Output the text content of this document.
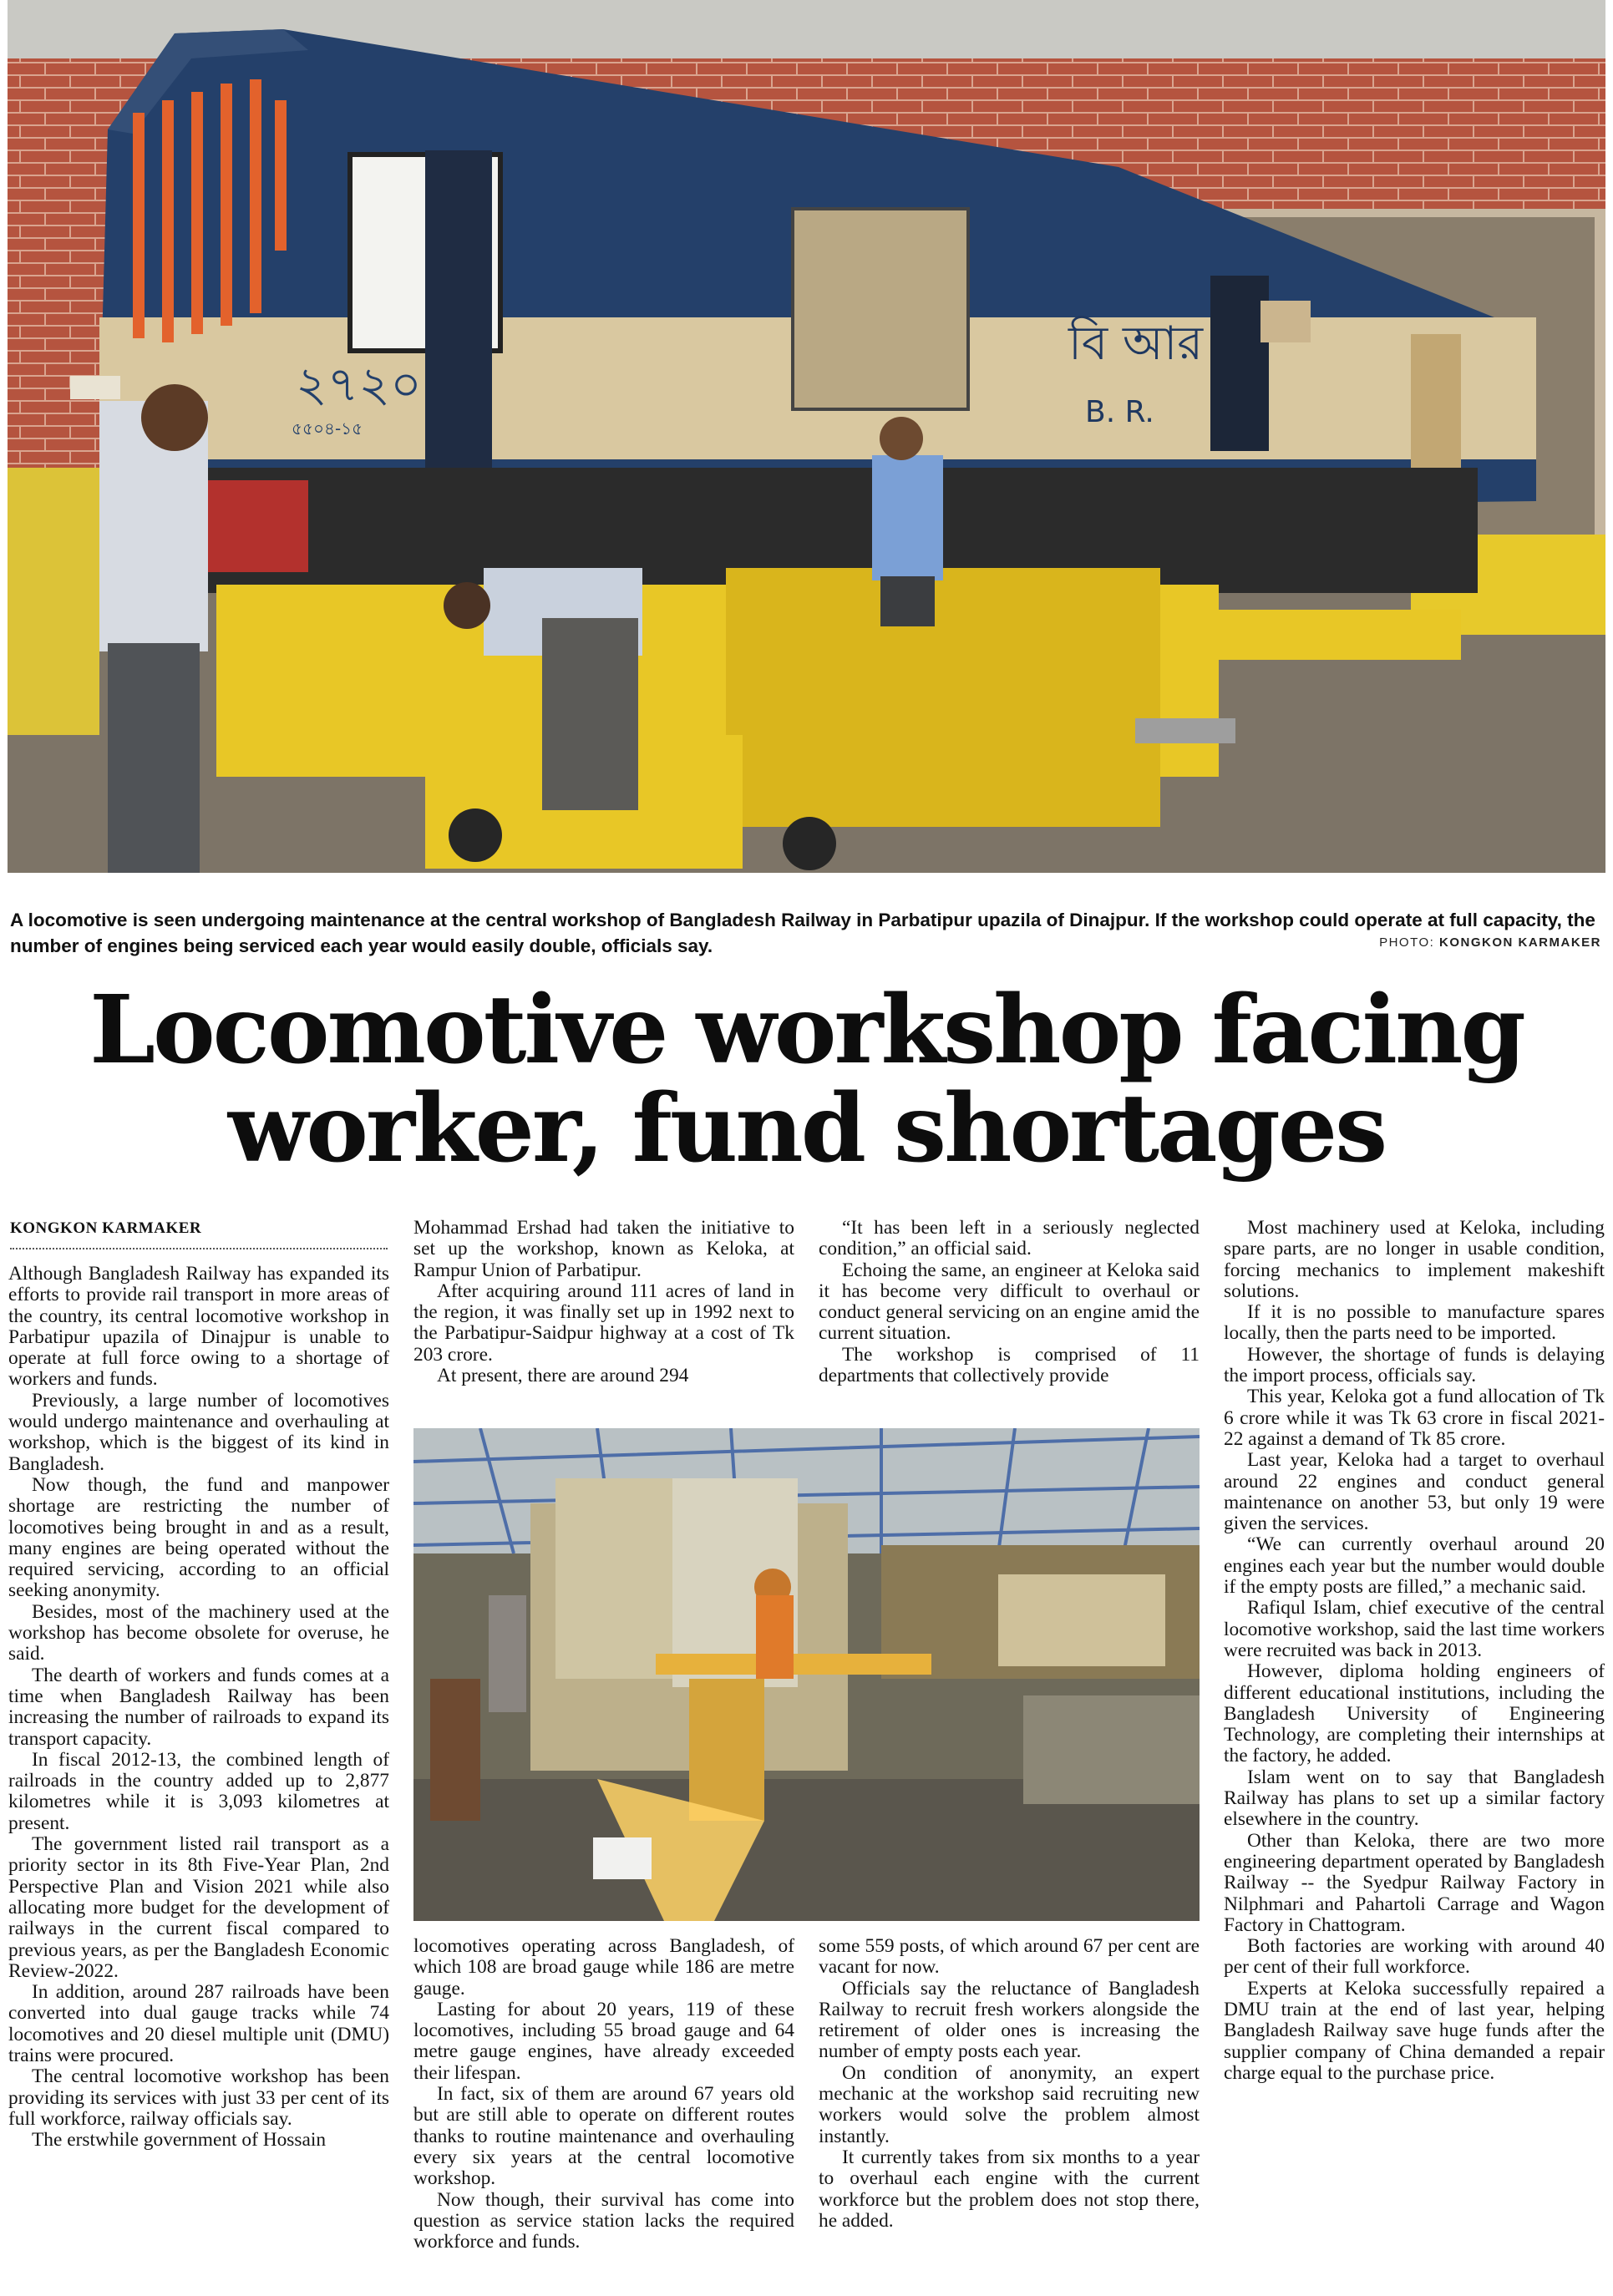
২৭২০
৫৫০৪-১৫
বি আর
B. R.
A locomotive is seen undergoing maintenance at the central workshop of Bangladesh Railway in Parbatipur upazila of Dinajpur. If the workshop could operate at full capacity, the number of engines being serviced each year would easily double, officials say.	PHOTO: KONGKON KARMAKER
Locomotive workshop facing
worker, fund shortages
KONGKON KARMAKER

Although Bangladesh Railway has expanded its efforts to provide rail transport in more areas of the country, its central locomotive workshop in Parbatipur upazila of Dinajpur is unable to operate at full force owing to a shortage of workers and funds.

Previously, a large number of locomotives would undergo maintenance and overhauling at workshop, which is the biggest of its kind in Bangladesh.

Now though, the fund and manpower shortage are restricting the number of locomotives being brought in and as a result, many engines are being operated without the required servicing, according to an official seeking anonymity.

Besides, most of the machinery used at the workshop has become obsolete for overuse, he said.

The dearth of workers and funds comes at a time when Bangladesh Railway has been increasing the number of railroads to expand its transport capacity.

In fiscal 2012-13, the combined length of railroads in the country added up to 2,877 kilometres while it is 3,093 kilometres at present.

The government listed rail transport as a priority sector in its 8th Five-Year Plan, 2nd Perspective Plan and Vision 2021 while also allocating more budget for the development of railways in the current fiscal compared to previous years, as per the Bangladesh Economic Review-2022.

In addition, around 287 railroads have been converted into dual gauge tracks while 74 locomotives and 20 diesel multiple unit (DMU) trains were procured.

The central locomotive workshop has been providing its services with just 33 per cent of its full workforce, railway officials say.

The erstwhile government of Hossain

Mohammad Ershad had taken the initiative to set up the workshop, known as Keloka, at Rampur Union of Parbatipur.

After acquiring around 111 acres of land in the region, it was finally set up in 1992 next to the Parbatipur-Saidpur highway at a cost of Tk 203 crore.

At present, there are around 294

“It has been left in a seriously neglected condition,” an official said.

Echoing the same, an engineer at Keloka said it has become very difficult to overhaul or conduct general servicing on an engine amid the current situation.

The workshop is comprised of 11 departments that collectively provide

locomotives operating across Bangladesh, of which 108 are broad gauge while 186 are metre gauge.

Lasting for about 20 years, 119 of these locomotives, including 55 broad gauge and 64 metre gauge engines, have already exceeded their lifespan.

In fact, six of them are around 67 years old but are still able to operate on different routes thanks to routine maintenance and overhauling every six years at the central locomotive workshop.

Now though, their survival has come into question as service station lacks the required workforce and funds.

some 559 posts, of which around 67 per cent are vacant for now.

Officials say the reluctance of Bangladesh Railway to recruit fresh workers alongside the retirement of older ones is increasing the number of empty posts each year.

On condition of anonymity, an expert mechanic at the workshop said recruiting new workers would solve the problem almost instantly.

It currently takes from six months to a year to overhaul each engine with the current workforce but the problem does not stop there, he added.

Most machinery used at Keloka, including spare parts, are no longer in usable condition, forcing mechanics to implement makeshift solutions.

If it is no possible to manufacture spares locally, then the parts need to be imported.

However, the shortage of funds is delaying the import process, officials say.

This year, Keloka got a fund allocation of Tk 6 crore while it was Tk 63 crore in fiscal 2021-22 against a demand of Tk 85 crore.

Last year, Keloka had a target to overhaul around 22 engines and conduct general maintenance on another 53, but only 19 were given the services.

“We can currently overhaul around 20 engines each year but the number would double if the empty posts are filled,” a mechanic said.

Rafiqul Islam, chief executive of the central locomotive workshop, said the last time workers were recruited was back in 2013.

However, diploma holding engineers of different educational institutions, including the Bangladesh University of Engineering Technology, are completing their internships at the factory, he added.

Islam went on to say that Bangladesh Railway has plans to set up a similar factory elsewhere in the country.

Other than Keloka, there are two more engineering department operated by Bangladesh Railway -- the Syedpur Railway Factory in Nilphmari and Pahartoli Carrage and Wagon Factory in Chattogram.

Both factories are working with around 40 per cent of their full workforce.

Experts at Keloka successfully repaired a DMU train at the end of last year, helping Bangladesh Railway save huge funds after the supplier company of China demanded a repair charge equal to the purchase price.
